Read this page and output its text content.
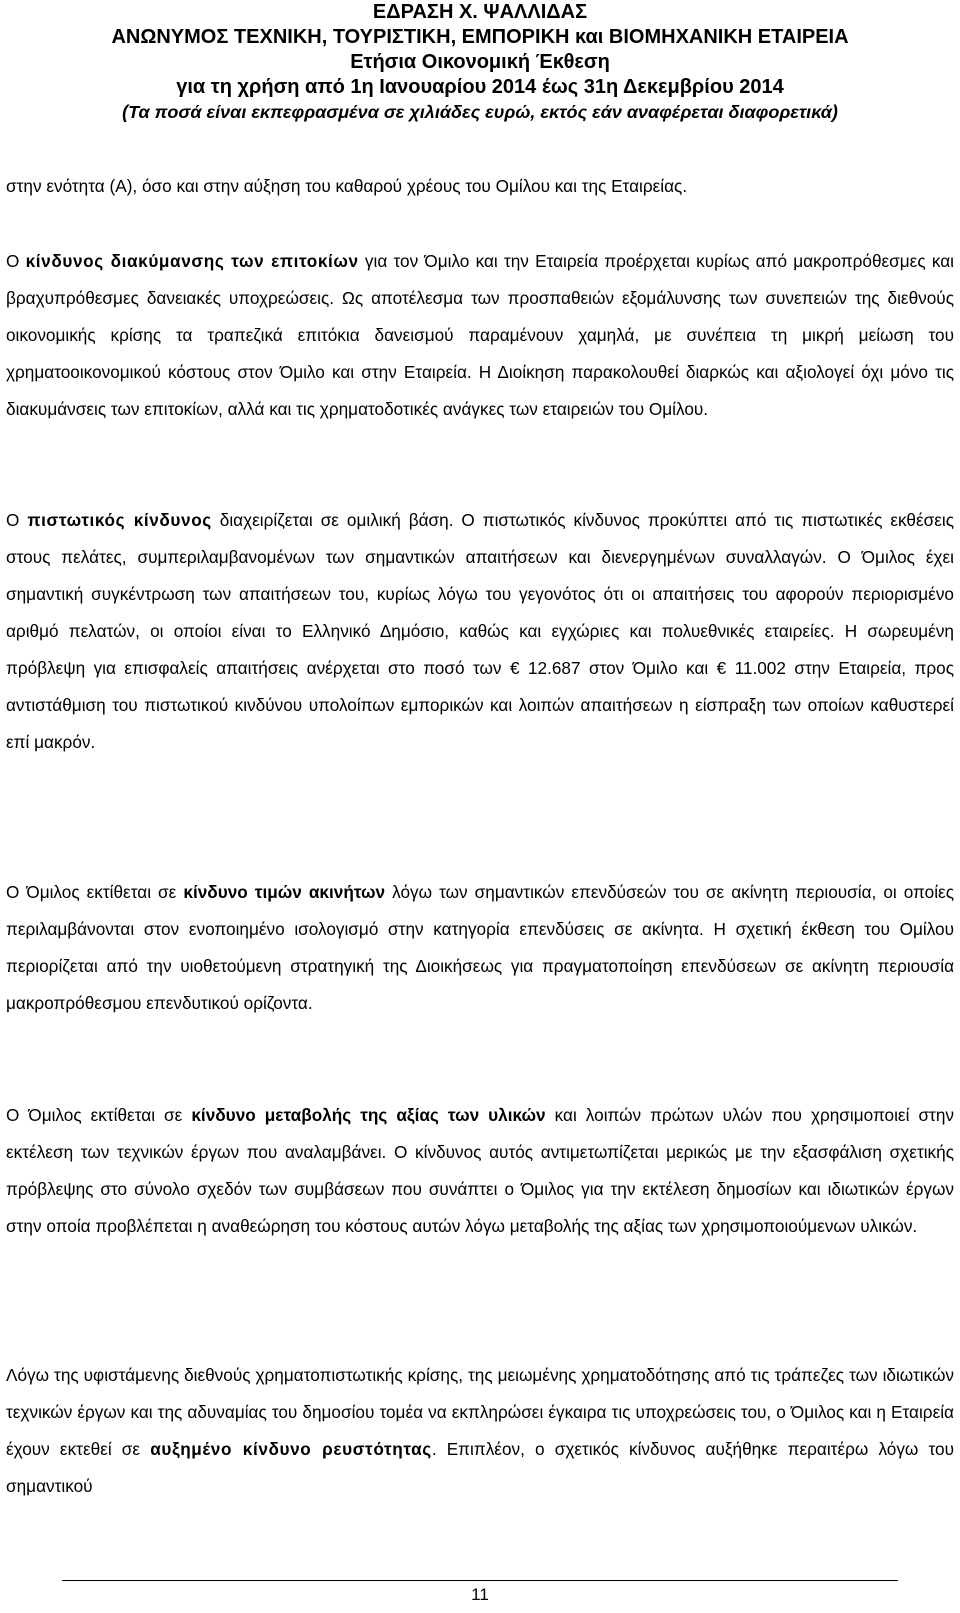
ΕΔΡΑΣΗ Χ. ΨΑΛΛΙΔΑΣ
ΑΝΩΝΥΜΟΣ ΤΕΧΝΙΚΗ, ΤΟΥΡΙΣΤΙΚΗ, ΕΜΠΟΡΙΚΗ και ΒΙΟΜΗΧΑΝΙΚΗ ΕΤΑΙΡΕΙΑ
Ετήσια Οικονομική Έκθεση
για τη χρήση από 1η Ιανουαρίου 2014 έως 31η Δεκεμβρίου 2014
(Τα ποσά είναι εκπεφρασμένα σε χιλιάδες ευρώ, εκτός εάν αναφέρεται διαφορετικά)

στην ενότητα (Α), όσο και στην αύξηση του καθαρού χρέους του Ομίλου και της Εταιρείας.

Ο κίνδυνος διακύμανσης των επιτοκίων για τον Όμιλο και την Εταιρεία προέρχεται κυρίως από μακροπρόθεσμες και βραχυπρόθεσμες δανειακές υποχρεώσεις. Ως αποτέλεσμα των προσπαθειών εξομάλυνσης των συνεπειών της διεθνούς οικονομικής κρίσης τα τραπεζικά επιτόκια δανεισμού παραμένουν χαμηλά, με συνέπεια τη μικρή μείωση του χρηματοοικονομικού κόστους στον Όμιλο και στην Εταιρεία. Η Διοίκηση παρακολουθεί διαρκώς και αξιολογεί όχι μόνο τις διακυμάνσεις των επιτοκίων, αλλά και τις χρηματοδοτικές ανάγκες των εταιρειών του Ομίλου.

Ο πιστωτικός κίνδυνος διαχειρίζεται σε ομιλική βάση. Ο πιστωτικός κίνδυνος προκύπτει από τις πιστωτικές εκθέσεις στους πελάτες, συμπεριλαμβανομένων των σημαντικών απαιτήσεων και διενεργημένων συναλλαγών. Ο Όμιλος έχει σημαντική συγκέντρωση των απαιτήσεων του, κυρίως λόγω του γεγονότος ότι οι απαιτήσεις του αφορούν περιορισμένο αριθμό πελατών, οι οποίοι είναι το Ελληνικό Δημόσιο, καθώς και εγχώριες και πολυεθνικές εταιρείες. Η σωρευμένη πρόβλεψη για επισφαλείς απαιτήσεις ανέρχεται στο ποσό των € 12.687 στον Όμιλο και € 11.002 στην Εταιρεία, προς αντιστάθμιση του πιστωτικού κινδύνου υπολοίπων εμπορικών και λοιπών απαιτήσεων η είσπραξη των οποίων καθυστερεί επί μακρόν.

Ο Όμιλος εκτίθεται σε κίνδυνο τιμών ακινήτων λόγω των σημαντικών επενδύσεών του σε ακίνητη περιουσία, οι οποίες περιλαμβάνονται στον ενοποιημένο ισολογισμό στην κατηγορία επενδύσεις σε ακίνητα. Η σχετική έκθεση του Ομίλου περιορίζεται από την υιοθετούμενη στρατηγική της Διοικήσεως για πραγματοποίηση επενδύσεων σε ακίνητη περιουσία μακροπρόθεσμου επενδυτικού ορίζοντα.

Ο Όμιλος εκτίθεται σε κίνδυνο μεταβολής της αξίας των υλικών και λοιπών πρώτων υλών που χρησιμοποιεί στην εκτέλεση των τεχνικών έργων που αναλαμβάνει. Ο κίνδυνος αυτός αντιμετωπίζεται μερικώς με την εξασφάλιση σχετικής πρόβλεψης στο σύνολο σχεδόν των συμβάσεων που συνάπτει ο Όμιλος για την εκτέλεση δημοσίων και ιδιωτικών έργων στην οποία προβλέπεται η αναθεώρηση του κόστους αυτών λόγω μεταβολής της αξίας των χρησιμοποιούμενων υλικών.

Λόγω της υφιστάμενης διεθνούς χρηματοπιστωτικής κρίσης, της μειωμένης χρηματοδότησης από τις τράπεζες των ιδιωτικών τεχνικών έργων και της αδυναμίας του δημοσίου τομέα να εκπληρώσει έγκαιρα τις υποχρεώσεις του, ο Όμιλος και η Εταιρεία έχουν εκτεθεί σε αυξημένο κίνδυνο ρευστότητας. Επιπλέον, ο σχετικός κίνδυνος αυξήθηκε περαιτέρω λόγω του σημαντικού

11
